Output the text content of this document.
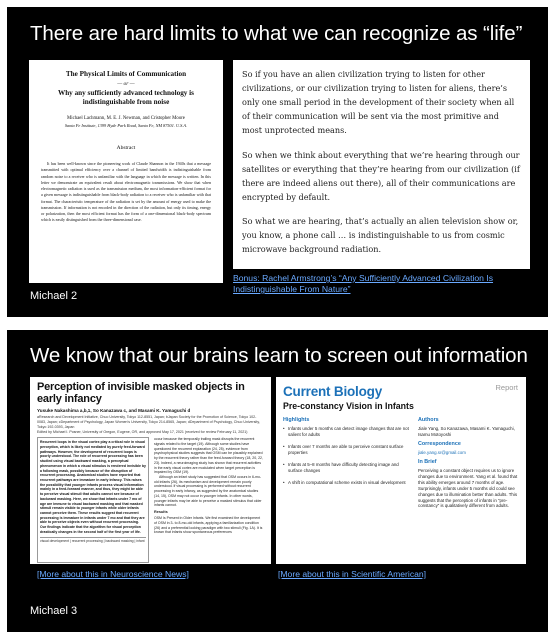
There are hard limits to what we can recognize as “life”
The Physical Limits of Communication
— or —
Why any sufficiently advanced technology is indistinguishable from noise
Michael Lachmann, M. E. J. Newman, and Cristopher Moore
Santa Fe Institute, 1399 Hyde Park Road, Santa Fe, NM 87501. U.S.A.
Abstract
It has been well-known since the pioneering work of Claude Shannon in the 1940s that a message transmitted with optimal efficiency over a channel of limited bandwidth is indistinguishable from random noise to a receiver who is unfamiliar with the language in which the message is written. In this letter we demonstrate an equivalent result about electromagnetic transmissions. We show that when electromagnetic radiation is used as the transmission medium, the most information-efficient format for a given message is indistinguishable from black-body radiation to a receiver who is unfamiliar with that format. The characteristic temperature of the radiation is set by the amount of energy used to make the transmission. If information is not encoded in the direction of the radiation, but only its timing, energy or polarization, then the most efficient format has the form of a one-dimensional black-body spectrum which is easily distinguished from the three-dimensional case.

So if you have an alien civilization trying to listen for other civilizations, or our civilization trying to listen for aliens, there’s only one small period in the development of their society when all of their communication will be sent via the most primitive and most unprotected means.

So when we think about everything that we’re hearing through our satellites or everything that they’re hearing from our civilization (if there are indeed aliens out there), all of their communications are encrypted by default.

So what we are hearing, that’s actually an alien television show or, you know, a phone call … is indistinguishable to us from cosmic microwave background radiation.

Bonus: Rachel Armstrong’s “Any Sufficiently Advanced Civilization Is Indistinguishable From Nature”
Michael 2
We know that our brains learn to screen out information
Perception of invisible masked objects in early infancy
Yusuke Nakashima a,b,1, So Kanazawa c, and Masami K. Yamaguchi d
aResearch and Development Initiative, Chuo University, Tokyo 112-8551, Japan; bJapan Society for the Promotion of Science, Tokyo 102-0083, Japan; cDepartment of Psychology, Japan Women’s University, Tokyo 214-8565, Japan; dDepartment of Psychology, Chuo University, Tokyo 192-0393, Japan
Edited by Michael I. Posner, University of Oregon, Eugene, OR, and approved May 17, 2021 (received for review February 11, 2021)
Recurrent loops in the visual cortex play a critical role in visual perception, which is likely not mediated by purely feed-forward pathways. However, the development of recurrent loops is poorly understood. The role of recurrent processing has been studied using visual backward masking, a perceptual phenomenon in which a visual stimulus is rendered invisible by a following mask, possibly because of the disruption of recurrent processing. Anatomical studies have reported that recurrent pathways are immature in early infancy. This raises the possibility that younger infants process visual information mainly in a feed-forward manner, and thus, they might be able to perceive visual stimuli that adults cannot see because of backward masking. Here, we show that infants under 7 mo of age are immune to visual backward masking and that masked stimuli remain visible to younger infants while older infants cannot perceive them. These results suggest that recurrent processing is immature in infants under 7 mo and that they are able to perceive objects even without recurrent processing. Our findings indicate that the algorithm for visual perception drastically changes in the second half of the first year of life.
visual development | recurrent processing | backward masking | infant
occur because the temporally trailing mask disrupts the recurrent signals related to the target (19). Although some studies have questioned the recurrent explanation (24, 25), evidence from psychophysical studies suggests that OSM can be plausibly explained by the recurrent theory rather than the feed-forward theory (18, 20, 22, 23). Indeed, a neuroimaging study has shown that recurrent activities in the early visual cortex are modulated when target perception is impaired by OSM (19).
Although an infant study has suggested that OSM occurs in 6-mo-old infants (26), its mechanism and development remain poorly understood. If visual processing is performed without recurrent processing in early infancy, as suggested by the anatomical studies (14, 15), OSM may not occur in younger infants. In other words, younger infants may be able to perceive a masked stimulus that older infants cannot.
Results
OSM Is Present in Older Infants. We first examined the development of OSM in 3- to 8-mo-old infants, applying a familiarization condition (26) and a preferential looking paradigm with two stimuli (Fig. 1A). It is known that infants show spontaneous preferences
Report
Current Biology
Pre-constancy Vision in Infants
Highlights
• Infants under 5 months can detect image changes that are not salient for adults
• Infants over 7 months are able to perceive constant surface properties
• Infants at 5–8 months have difficulty detecting image and surface changes
• A shift in computational scheme exists in visual development
Authors
Jiale Yang, So Kanazawa, Masami K. Yamaguchi, Isamu Motoyoshi
Correspondence
jiale.yang.sr@gmail.com
In Brief
Perceiving a constant object requires us to ignore changes due to environment. Yang et al. found that this ability emerges around 7 months of age. Surprisingly, infants under 5 months old could see changes due to illumination better than adults. This suggests that the perception of infants in “pre-constancy” is qualitatively different from adults.
[More about this in Neuroscience News]	[More about this in Scientific American]
Michael 3
